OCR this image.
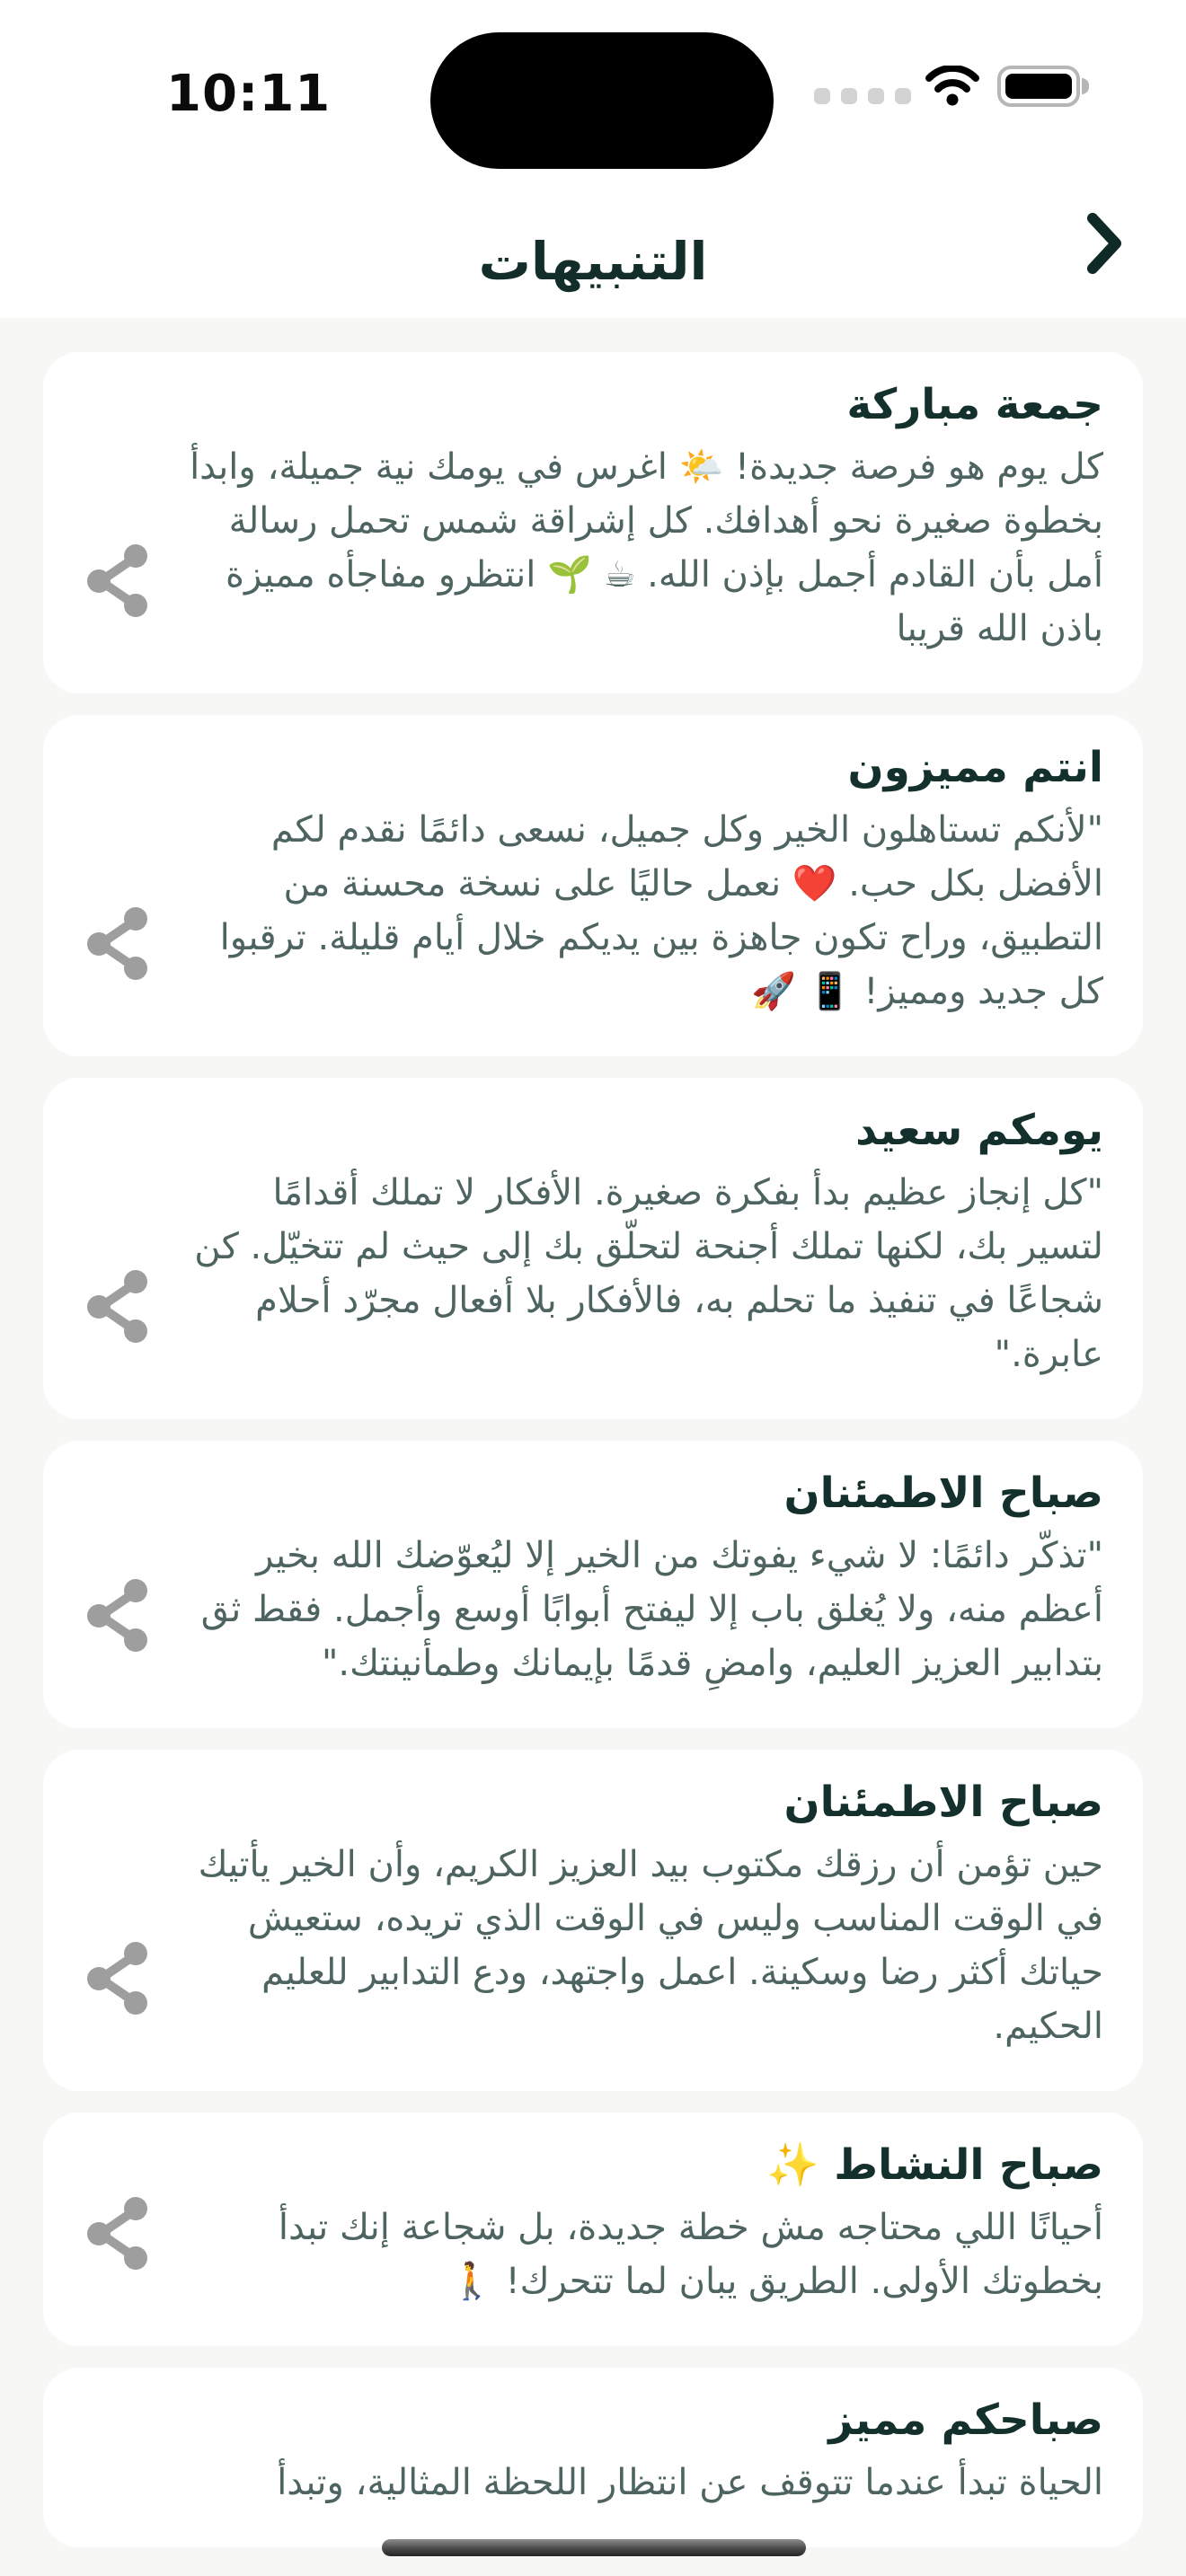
10:11
التنبيهات
جمعة مباركة

كل يوم هو فرصة جديدة! 🌤️ اغرس في يومك نية جميلة، وابدأ بخطوة صغيرة نحو أهدافك. كل إشراقة شمس تحمل رسالة أمل بأن القادم أجمل بإذن الله. ☕ 🌱 انتظرو مفاجأه مميزة باذن الله قريبا

انتم مميزون

"لأنكم تستاهلون الخير وكل جميل، نسعى دائمًا نقدم لكم الأفضل بكل حب. ❤️ نعمل حاليًا على نسخة محسنة من التطبيق، وراح تكون جاهزة بين يديكم خلال أيام قليلة. ترقبوا كل جديد ومميز! 📱 🚀

يومكم سعيد

"كل إنجاز عظيم بدأ بفكرة صغيرة. الأفكار لا تملك أقدامًا لتسير بك، لكنها تملك أجنحة لتحلّق بك إلى حيث لم تتخيّل. كن شجاعًا في تنفيذ ما تحلم به، فالأفكار بلا أفعال مجرّد أحلام عابرة."

صباح الاطمئنان

"تذكّر دائمًا: لا شيء يفوتك من الخير إلا ليُعوّضك الله بخير أعظم منه، ولا يُغلق باب إلا ليفتح أبوابًا أوسع وأجمل. فقط ثق بتدابير العزيز العليم، وامضِ قدمًا بإيمانك وطمأنينتك."

صباح الاطمئنان

حين تؤمن أن رزقك مكتوب بيد العزيز الكريم، وأن الخير يأتيك في الوقت المناسب وليس في الوقت الذي تريده، ستعيش حياتك أكثر رضا وسكينة. اعمل واجتهد، ودع التدابير للعليم الحكيم.

صباح النشاط ✨

أحيانًا اللي محتاجه مش خطة جديدة، بل شجاعة إنك تبدأ بخطوتك الأولى. الطريق يبان لما تتحرك! 🚶

صباحكم مميز

الحياة تبدأ عندما تتوقف عن انتظار اللحظة المثالية، وتبدأ
